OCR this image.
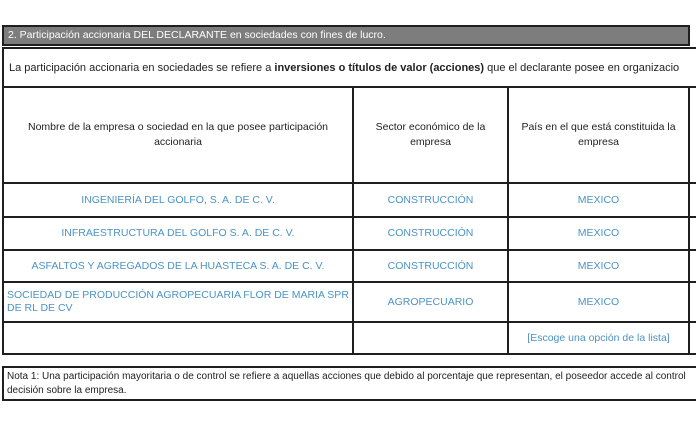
2. Participación accionaria DEL DECLARANTE en sociedades con fines de lucro.
La participación accionaria en sociedades se refiere a inversiones o títulos de valor (acciones) que el declarante posee en organizacio
Nombre de la empresa o sociedad en la que posee participación accionaria	Sector económico de la empresa	País en el que está constituida la empresa	
INGENIERÍA DEL GOLFO, S. A. DE C. V.	CONSTRUCCIÓN	MEXICO	
INFRAESTRUCTURA DEL GOLFO S. A. DE C. V.	CONSTRUCCIÓN	MEXICO	
ASFALTOS Y AGREGADOS DE LA HUASTECA S. A. DE C. V.	CONSTRUCCIÓN	MEXICO	
SOCIEDAD DE PRODUCCIÓN AGROPECUARIA FLOR DE MARIA SPR DE RL DE CV	AGROPECUARIO	MEXICO	
		[Escoge una opción de la lista]	
Nota 1: Una participación mayoritaria o de control se refiere a aquellas acciones que debido al porcentaje que representan, el poseedor accede al control
decisión sobre la empresa.
